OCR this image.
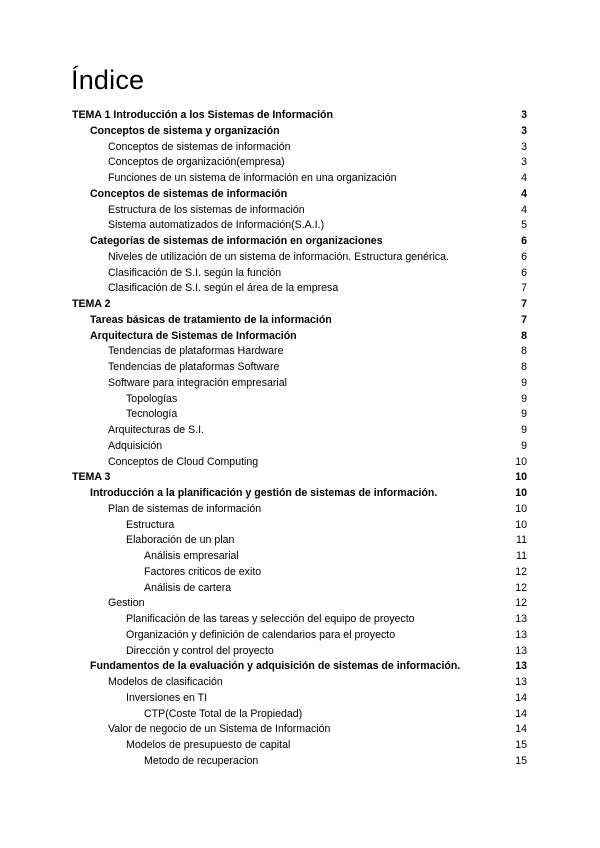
Índice
TEMA 1 Introducción a los Sistemas de Información	3
Conceptos de sistema y organización	3
Conceptos de sistemas de información	3
Conceptos de organización(empresa)	3
Funciones de un sistema de información en una organización	4
Conceptos de sistemas de información	4
Estructura de los sistemas de información	4
Sistema automatizados de Información(S.A.I.)	5
Categorías de sistemas de información en organizaciones	6
Niveles de utilización de un sistema de información. Estructura genérica.	6
Clasificación de S.I. según la función	6
Clasificación de S.I. según el área de la empresa	7
TEMA 2	7
Tareas básicas de tratamiento de la información	7
Arquitectura de Sistemas de Información	8
Tendencias de plataformas Hardware	8
Tendencias de plataformas Software	8
Software para integración empresarial	9
Topologías	9
Tecnología	9
Arquitecturas de S.I.	9
Adquisición	9
Conceptos de Cloud Computing	10
TEMA 3	10
Introducción a la planificación y gestión de sistemas de información.	10
Plan de sistemas de información	10
Estructura	10
Elaboración de un plan	11
Análisis empresarial	11
Factores criticos de exito	12
Análisis de cartera	12
Gestion	12
Planificación de las tareas y selección del equipo de proyecto	13
Organización y definición de calendarios para el proyecto	13
Dirección y control del proyecto	13
Fundamentos de la evaluación y adquisición de sistemas de información.	13
Modelos de clasificación	13
Inversiones en TI	14
CTP(Coste Total de la Propiedad)	14
Valor de negocio de un Sistema de Información	14
Modelos de presupuesto de capital	15
Metodo de recuperacion	15
